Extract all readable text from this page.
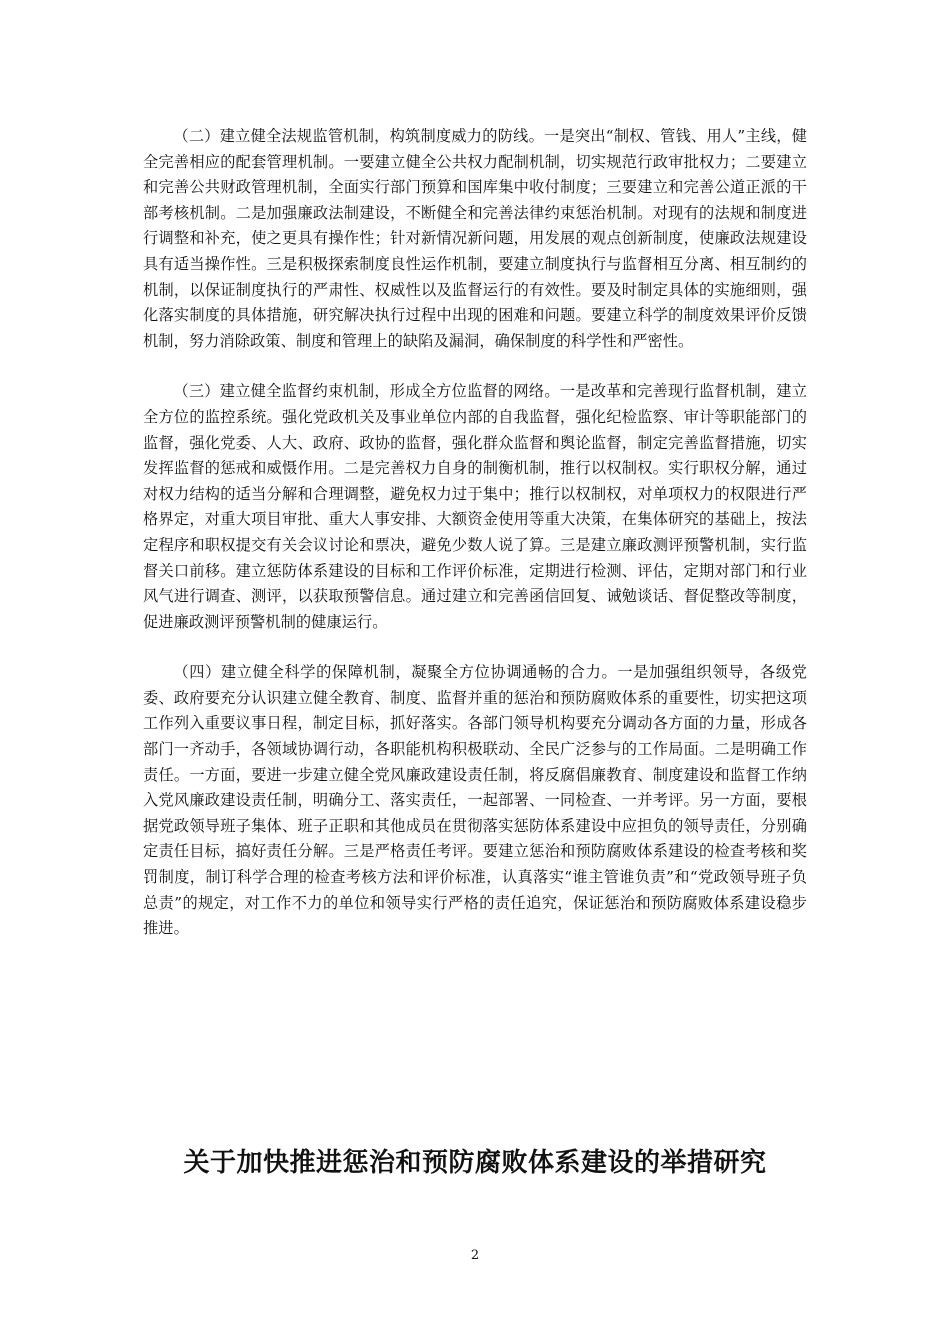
（二）建立健全法规监管机制，构筑制度威力的防线。一是突出“制权、管钱、用人”主线，健全完善相应的配套管理机制。一要建立健全公共权力配制机制，切实规范行政审批权力；二要建立和完善公共财政管理机制，全面实行部门预算和国库集中收付制度；三要建立和完善公道正派的干部考核机制。二是加强廉政法制建设，不断健全和完善法律约束惩治机制。对现有的法规和制度进行调整和补充，使之更具有操作性；针对新情况新问题，用发展的观点创新制度，使廉政法规建设具有适当操作性。三是积极探索制度良性运作机制，要建立制度执行与监督相互分离、相互制约的机制，以保证制度执行的严肃性、权威性以及监督运行的有效性。要及时制定具体的实施细则，强化落实制度的具体措施，研究解决执行过程中出现的困难和问题。要建立科学的制度效果评价反馈机制，努力消除政策、制度和管理上的缺陷及漏洞，确保制度的科学性和严密性。

（三）建立健全监督约束机制，形成全方位监督的网络。一是改革和完善现行监督机制，建立全方位的监控系统。强化党政机关及事业单位内部的自我监督，强化纪检监察、审计等职能部门的监督，强化党委、人大、政府、政协的监督，强化群众监督和舆论监督，制定完善监督措施，切实发挥监督的惩戒和威慑作用。二是完善权力自身的制衡机制，推行以权制权。实行职权分解，通过对权力结构的适当分解和合理调整，避免权力过于集中；推行以权制权，对单项权力的权限进行严格界定，对重大项目审批、重大人事安排、大额资金使用等重大决策，在集体研究的基础上，按法定程序和职权提交有关会议讨论和票决，避免少数人说了算。三是建立廉政测评预警机制，实行监督关口前移。建立惩防体系建设的目标和工作评价标准，定期进行检测、评估，定期对部门和行业风气进行调查、测评，以获取预警信息。通过建立和完善函信回复、诫勉谈话、督促整改等制度，促进廉政测评预警机制的健康运行。

（四）建立健全科学的保障机制，凝聚全方位协调通畅的合力。一是加强组织领导，各级党委、政府要充分认识建立健全教育、制度、监督并重的惩治和预防腐败体系的重要性，切实把这项工作列入重要议事日程，制定目标，抓好落实。各部门领导机构要充分调动各方面的力量，形成各部门一齐动手，各领域协调行动，各职能机构积极联动、全民广泛参与的工作局面。二是明确工作责任。一方面，要进一步建立健全党风廉政建设责任制，将反腐倡廉教育、制度建设和监督工作纳入党风廉政建设责任制，明确分工、落实责任，一起部署、一同检查、一并考评。另一方面，要根据党政领导班子集体、班子正职和其他成员在贯彻落实惩防体系建设中应担负的领导责任，分别确定责任目标，搞好责任分解。三是严格责任考评。要建立惩治和预防腐败体系建设的检查考核和奖罚制度，制订科学合理的检查考核方法和评价标准，认真落实“谁主管谁负责”和“党政领导班子负总责”的规定，对工作不力的单位和领导实行严格的责任追究，保证惩治和预防腐败体系建设稳步推进。

关于加快推进惩治和预防腐败体系建设的举措研究
2
